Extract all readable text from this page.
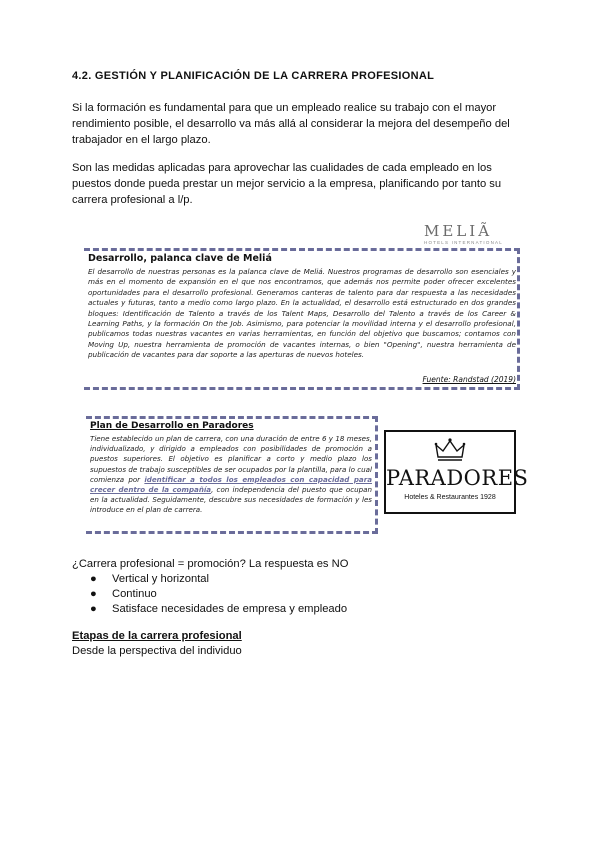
4.2. GESTIÓN Y PLANIFICACIÓN DE LA CARRERA PROFESIONAL
Si la formación es fundamental para que un empleado realice su trabajo con el mayor rendimiento posible, el desarrollo va más allá al considerar la mejora del desempeño del trabajador en el largo plazo.
Son las medidas aplicadas para aprovechar las cualidades de cada empleado en los puestos donde pueda prestar un mejor servicio a la empresa, planificando por tanto su carrera profesional a l/p.
MELIÃ
HOTELS INTERNATIONAL
Desarrollo, palanca clave de Meliá
El desarrollo de nuestras personas es la palanca clave de Meliá. Nuestros programas de desarrollo son esenciales y más en el momento de expansión en el que nos encontramos, que además nos permite poder ofrecer excelentes oportunidades para el desarrollo profesional. Generamos canteras de talento para dar respuesta a las necesidades actuales y futuras, tanto a medio como largo plazo. En la actualidad, el desarrollo está estructurado en dos grandes bloques: Identificación de Talento a través de los Talent Maps, Desarrollo del Talento a través de los Career & Learning Paths, y la formación On the Job. Asimismo, para potenciar la movilidad interna y el desarrollo profesional, publicamos todas nuestras vacantes en varias herramientas, en función del objetivo que buscamos; contamos con Moving Up, nuestra herramienta de promoción de vacantes internas, o bien "Opening", nuestra herramienta de publicación de vacantes para dar soporte a las aperturas de nuevos hoteles.
Fuente: Randstad (2019)
Plan de Desarrollo en Paradores
Tiene establecido un plan de carrera, con una duración de entre 6 y 18 meses, individualizado, y dirigido a empleados con posibilidades de promoción a puestos superiores. El objetivo es planificar a corto y medio plazo los supuestos de trabajo susceptibles de ser ocupados por la plantilla, para lo cual comienza por identificar a todos los empleados con capacidad para crecer dentro de la compañía, con independencia del puesto que ocupan en la actualidad. Seguidamente, descubre sus necesidades de formación y les introduce en el plan de carrera.
PARADORES
Hoteles & Restaurantes 1928
¿Carrera profesional = promoción? La respuesta es NO
● Vertical y horizontal
● Continuo
● Satisface necesidades de empresa y empleado
Etapas de la carrera profesional
Desde la perspectiva del individuo
